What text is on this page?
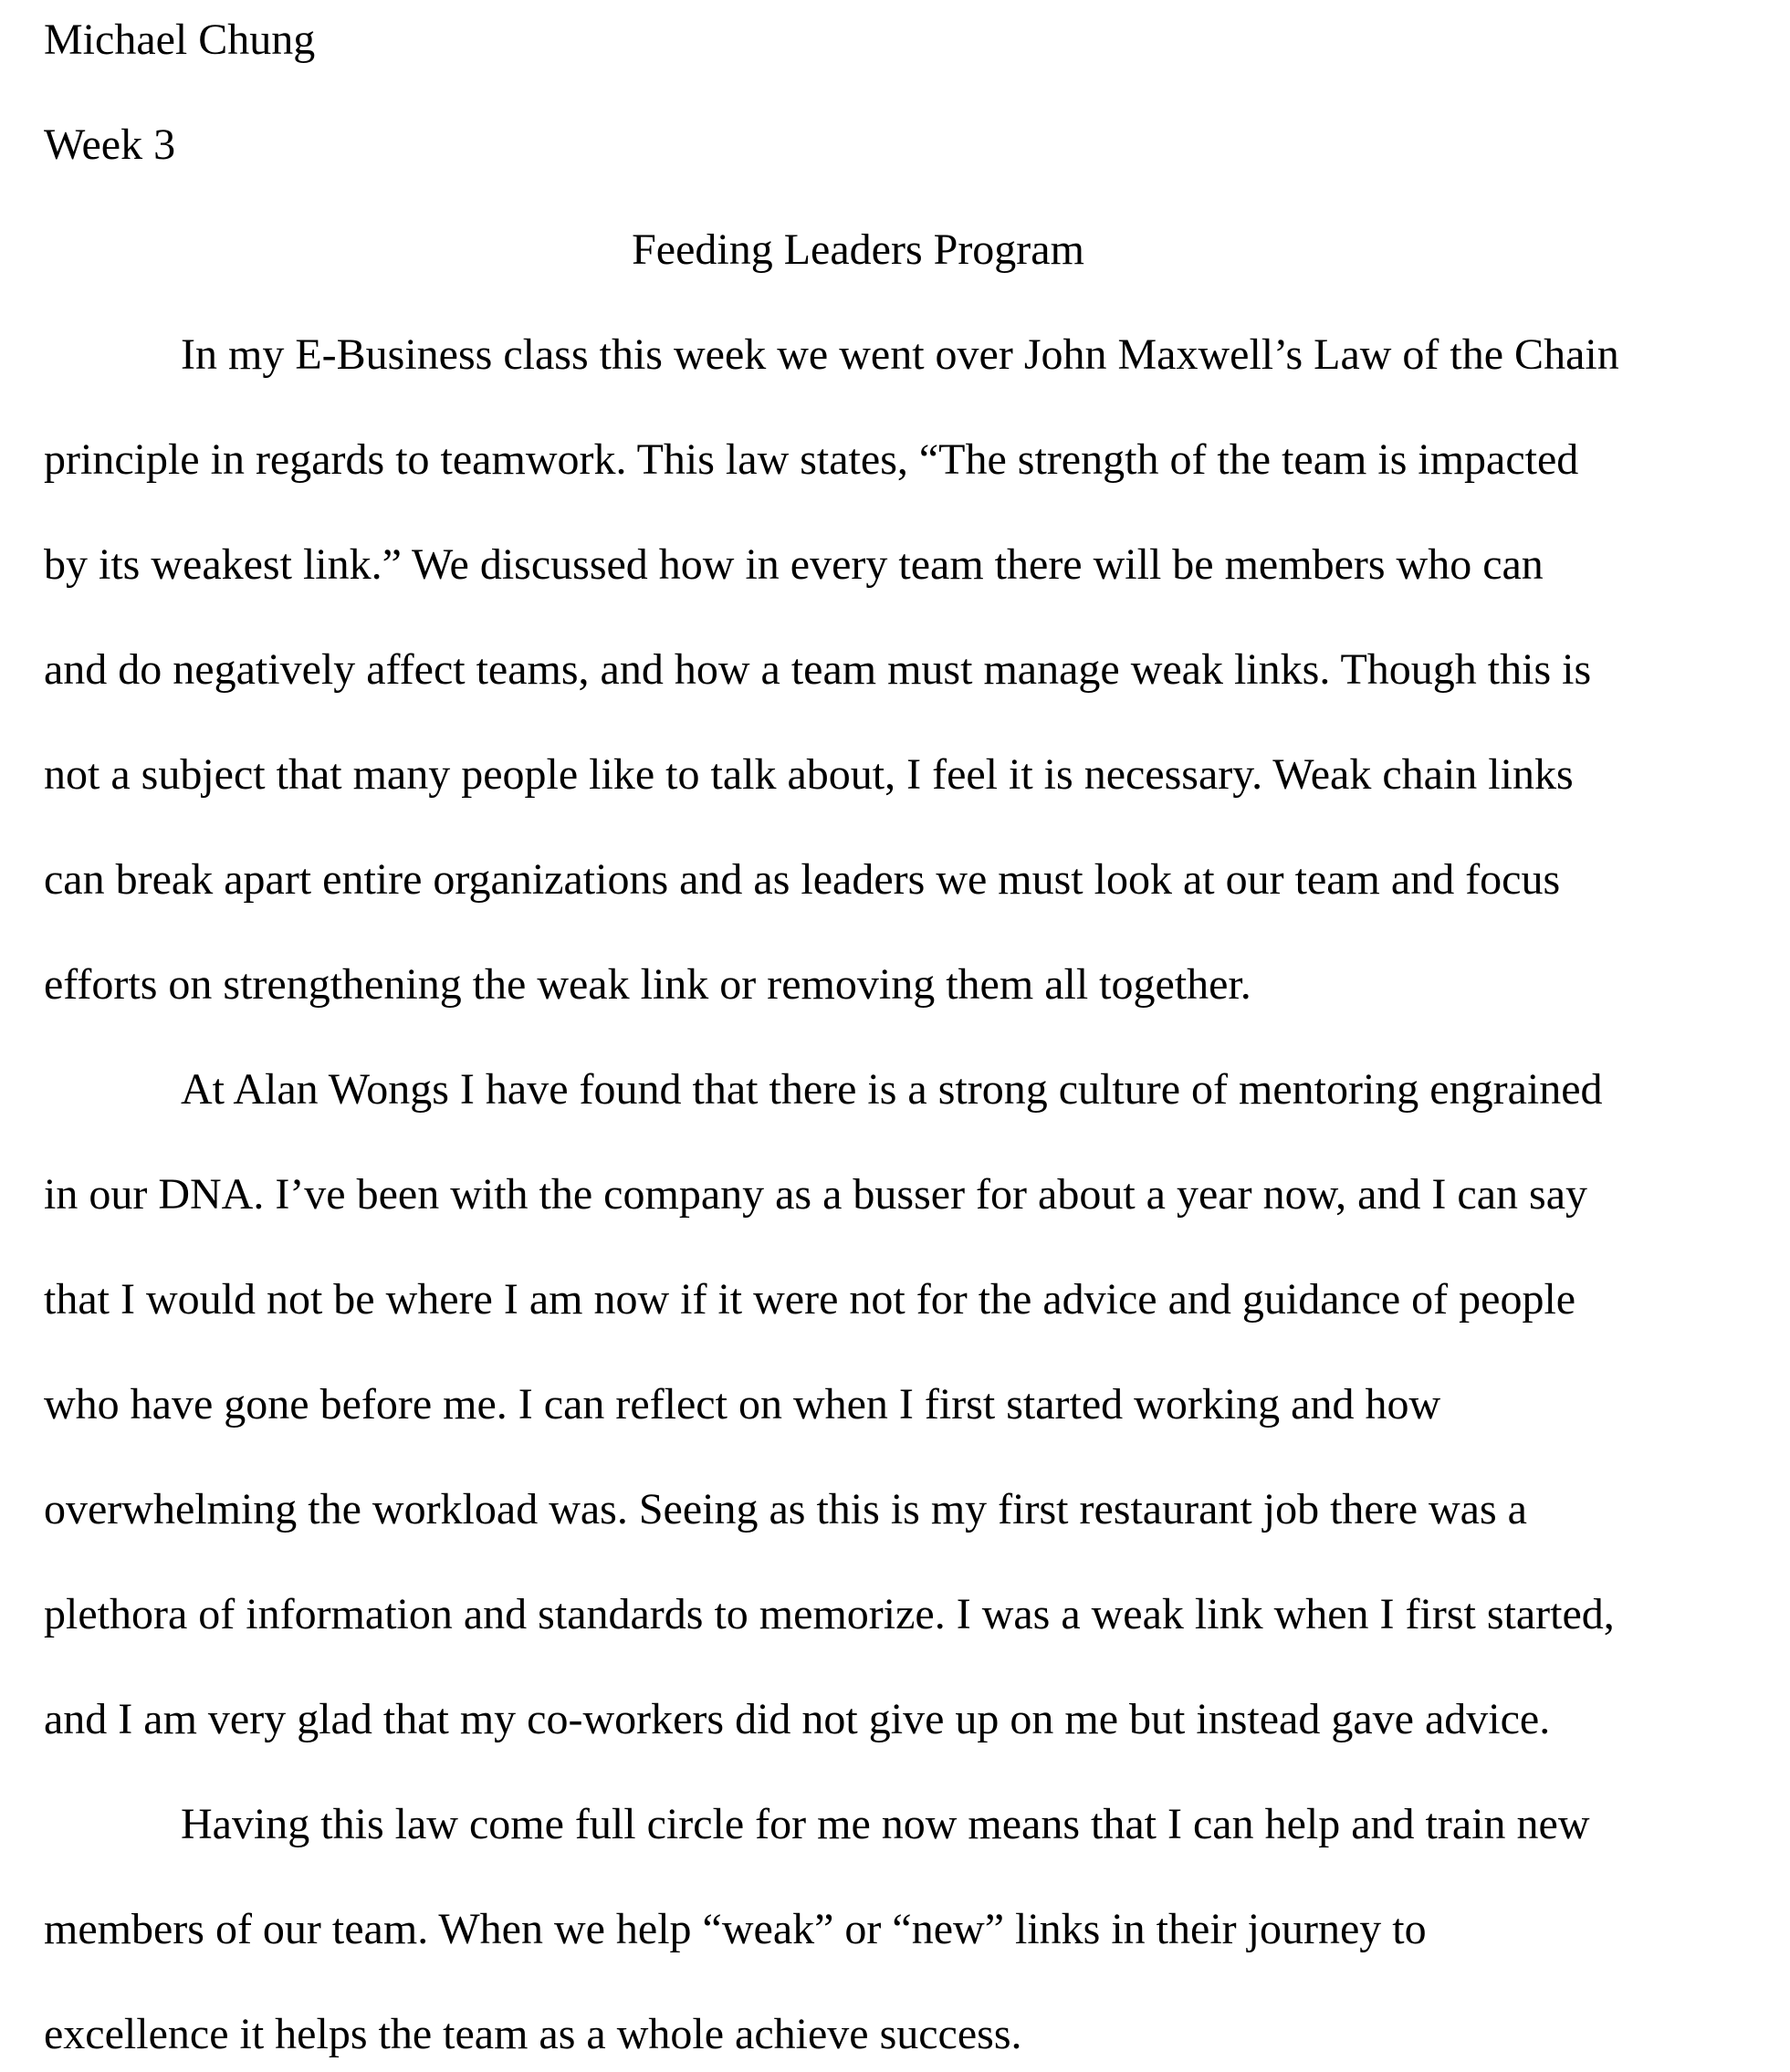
Michael Chung
Week 3
Feeding Leaders Program
In my E-Business class this week we went over John Maxwell’s Law of the Chain
principle in regards to teamwork. This law states, “The strength of the team is impacted
by its weakest link.” We discussed how in every team there will be members who can
and do negatively affect teams, and how a team must manage weak links. Though this is
not a subject that many people like to talk about, I feel it is necessary. Weak chain links
can break apart entire organizations and as leaders we must look at our team and focus
efforts on strengthening the weak link or removing them all together.
At Alan Wongs I have found that there is a strong culture of mentoring engrained
in our DNA. I’ve been with the company as a busser for about a year now, and I can say
that I would not be where I am now if it were not for the advice and guidance of people
who have gone before me. I can reflect on when I first started working and how
overwhelming the workload was. Seeing as this is my first restaurant job there was a
plethora of information and standards to memorize. I was a weak link when I first started,
and I am very glad that my co-workers did not give up on me but instead gave advice.
Having this law come full circle for me now means that I can help and train new
members of our team. When we help “weak” or “new” links in their journey to
excellence it helps the team as a whole achieve success.
